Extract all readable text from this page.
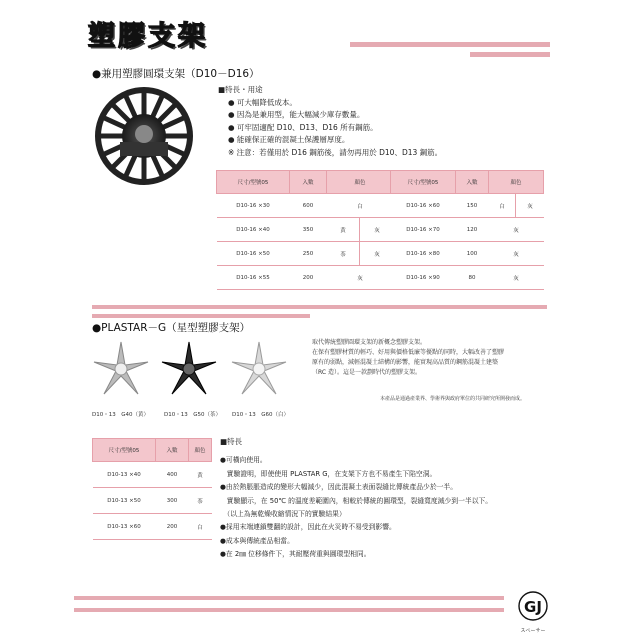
塑膠支架
●兼用塑膠圓環支架（D10－D16）
■特長・用途
● 可大幅降低成本。
● 因為是兼用型，能大幅減少庫存數量。
● 可牢固適配 D10、D13、D16 所有鋼筋。
● 能確保正確的混凝土保護層厚度。
※ 注意：若僅用於 D16 鋼筋後，請勿再用於 D10、D13 鋼筋。
尺寸/型號05	入數	顏色	
D10-16 ×30	600	白	
D10-16 ×40	350	黃	灰
D10-16 ×50	250	茶	灰
D10-16 ×55	200	灰	
尺寸/型號05	入數	顏色	
D10-16 ×60	150	白	灰
D10-16 ×70	120	灰	
D10-16 ×80	100	灰	
D10-16 ×90	80	灰	
●PLASTAR－G（星型塑膠支架）
D10・13　G40（黃）	D10・13　G50（茶） D10・13　G60（白）
取代傳統塑膠圓環支架的新概念塑膠支架。
在保有塑膠材質的輕巧、好用與價格低廉等優點的同時，大幅改善了塑膠
原有的弱點，減輕混凝土結構的影響，能實現高品質的鋼筋混凝土建築
（RC 造）。這是一款劃時代的塑膠支架。
本產品是通過產業界、學術界與政府單位的共同研究所開發而成。
尺寸/型號05	入數	顏色
D10-13 ×40	400	黃
D10-13 ×50	300	茶
D10-13 ×60	200	白
■特長
●可橫向使用。
　實驗證明，即使使用 PLASTAR G，在支架下方也不易產生下陷空洞。
●由於熱脹脹造成的變形大幅減少，因此混凝土表面裂縫比傳統產品少於一半。
　實驗顯示，在 50℃ 的溫度差範圍內，相較於傳統的圓環型，裂縫寬度減少到一半以下。
　（以上為無乾燥收縮情況下的實驗結果）
●採用末端連鎖雙翻的設計，因此在火災時不易受到影響。
●成本與傳統產品相當。
●在 2㎜ 位移條件下，其耐壓荷重與圓環型相同。
GJ
スペーサー
